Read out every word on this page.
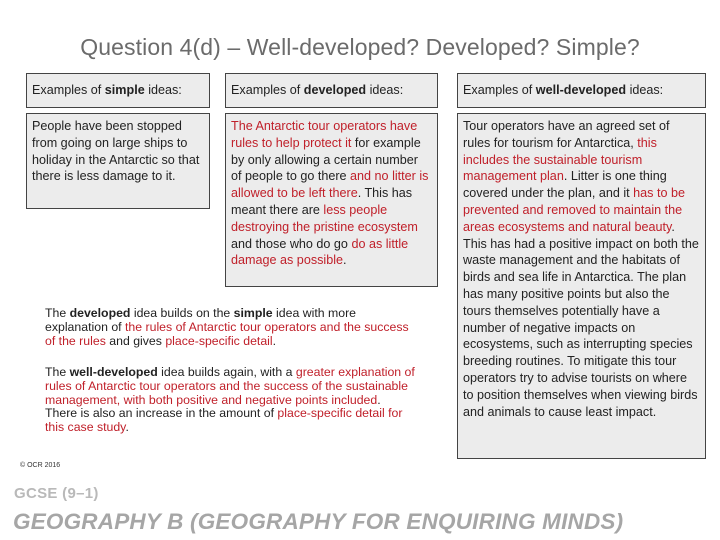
Question 4(d) – Well-developed? Developed? Simple?
Examples of simple ideas:	Examples of developed ideas:	Examples of well-developed ideas:
People have been stopped from going on large ships to holiday in the Antarctic so that there is less damage to it.
The Antarctic tour operators have rules to help protect it for example by only allowing a certain number of people to go there and no litter is allowed to be left there. This has meant there are less people destroying the pristine ecosystem and those who do go do as little damage as possible.
Tour operators have an agreed set of rules for tourism for Antarctica, this includes the sustainable tourism management plan. Litter is one thing covered under the plan, and it has to be prevented and removed to maintain the areas ecosystems and natural beauty. This has had a positive impact on both the waste management and the habitats of birds and sea life in Antarctica. The plan has many positive points but also the tours themselves potentially have a number of negative impacts on ecosystems, such as interrupting species breeding routines. To mitigate this tour operators try to advise tourists on where to position themselves when viewing birds and animals to cause least impact.
The developed idea builds on the simple idea with more explanation of the rules of Antarctic tour operators and the success of the rules and gives place-specific detail.
The well-developed idea builds again, with a greater explanation of rules of Antarctic tour operators and the success of the sustainable management, with both positive and negative points included. There is also an increase in the amount of place-specific detail for this case study.
© OCR 2016
GCSE (9–1)
GEOGRAPHY B (GEOGRAPHY FOR ENQUIRING MINDS)
